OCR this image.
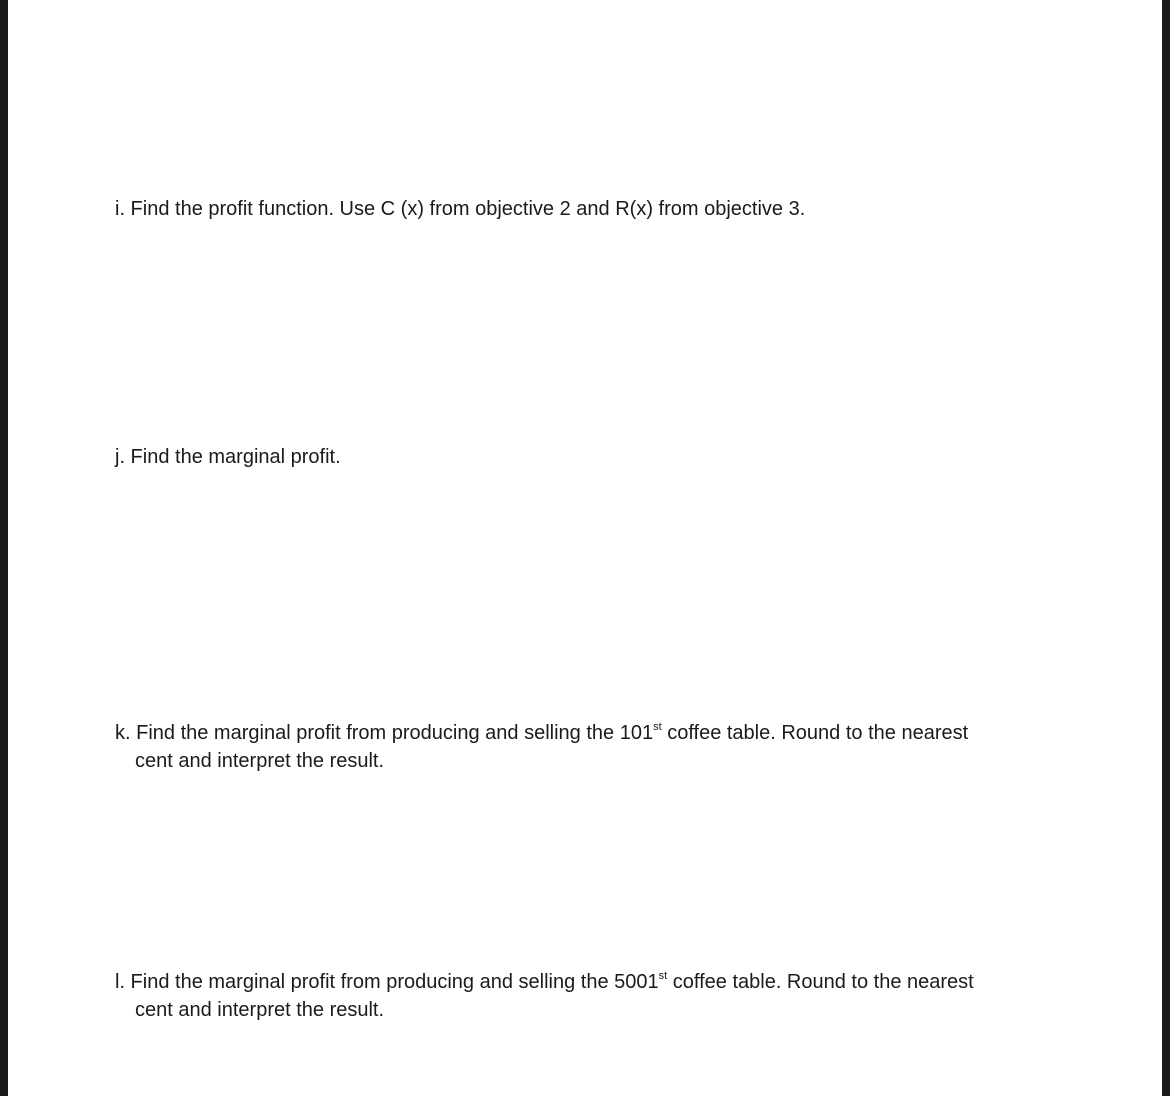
i. Find the profit function. Use C (x) from objective 2 and R(x) from objective 3.
j. Find the marginal profit.
k. Find the marginal profit from producing and selling the 101st coffee table. Round to the nearest
cent and interpret the result.
l. Find the marginal profit from producing and selling the 5001st coffee table. Round to the nearest
cent and interpret the result.
